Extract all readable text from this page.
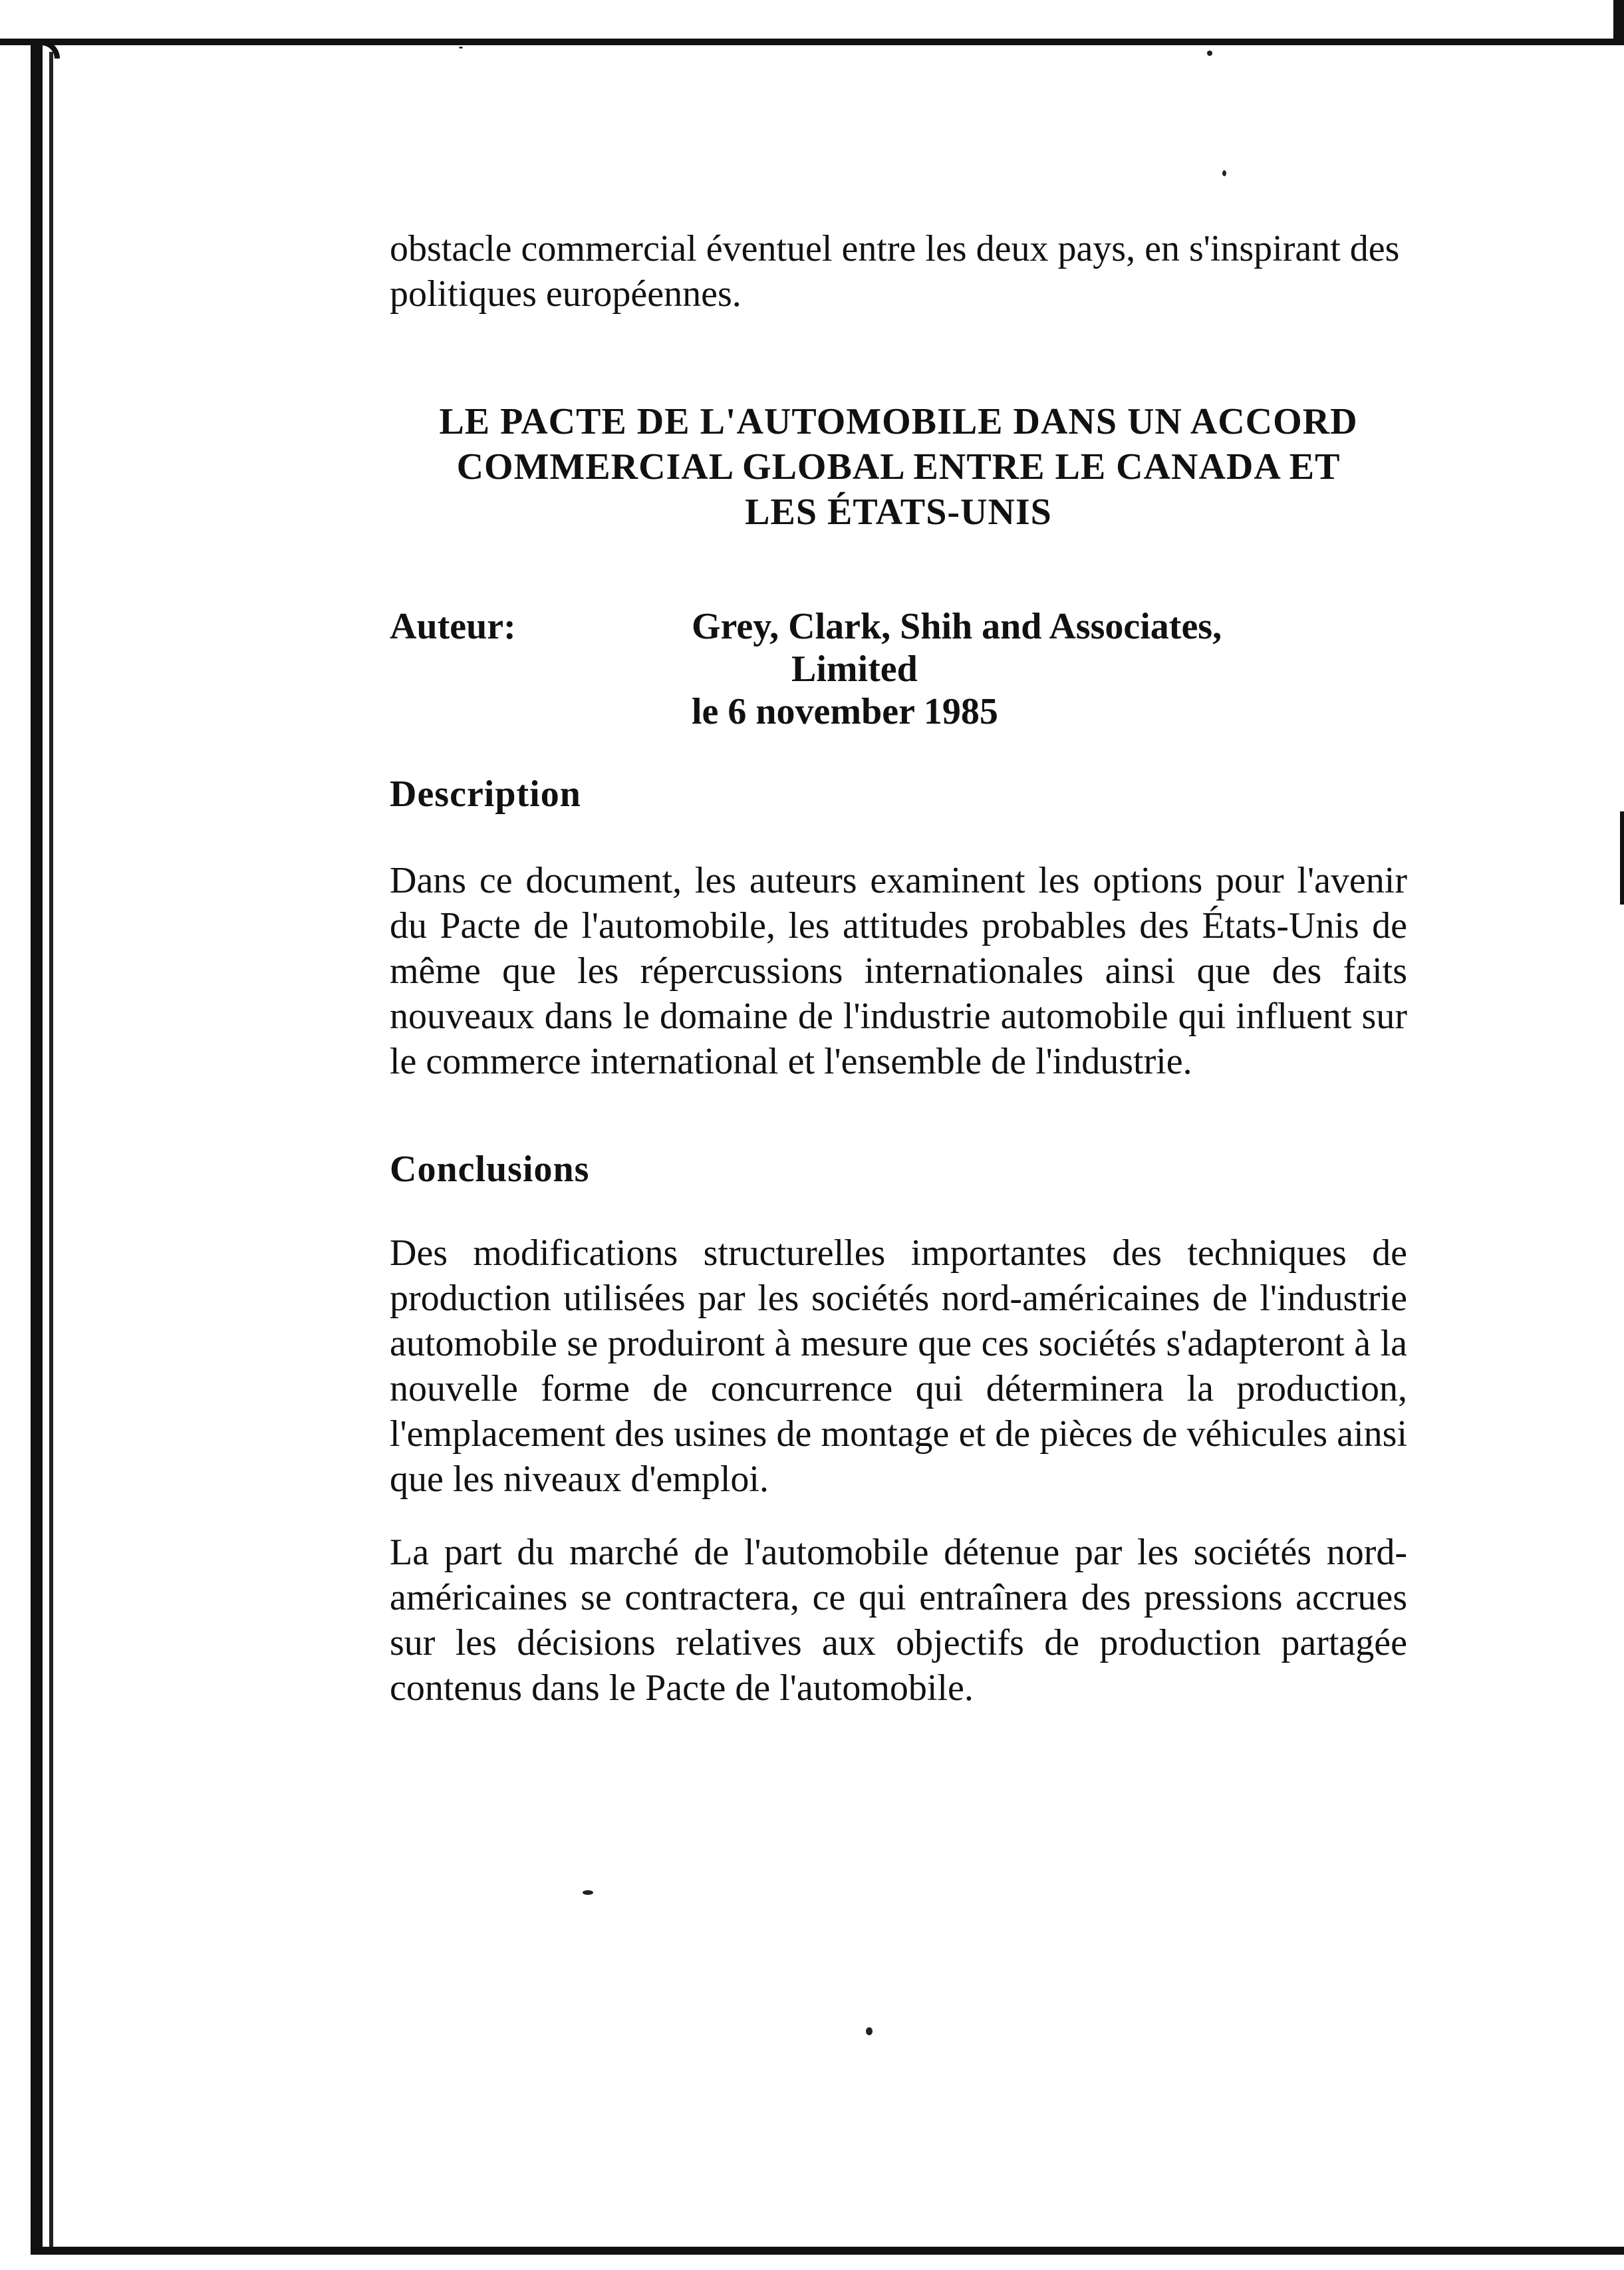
obstacle commercial éventuel entre les deux pays, en s'inspirant des politiques européennes.

LE PACTE DE L'AUTOMOBILE DANS UN ACCORD
COMMERCIAL GLOBAL ENTRE LE CANADA ET
LES ÉTATS-UNIS
Auteur:	Grey, Clark, Shih and Associates,
Limited
le 6 november 1985
Description

Dans ce document, les auteurs examinent les options pour l'avenir du Pacte de l'automobile, les attitudes probables des États-Unis de même que les répercussions internationales ainsi que des faits nouveaux dans le domaine de l'industrie automobile qui influent sur le commerce international et l'ensemble de l'industrie.

Conclusions

Des modifications structurelles importantes des techniques de production utilisées par les sociétés nord-américaines de l'industrie automobile se produiront à mesure que ces sociétés s'adapteront à la nouvelle forme de concurrence qui déterminera la production, l'emplacement des usines de montage et de pièces de véhicules ainsi que les niveaux d'emploi.

La part du marché de l'automobile détenue par les sociétés nord-américaines se contractera, ce qui entraînera des pressions accrues sur les décisions relatives aux objectifs de production partagée contenus dans le Pacte de l'automobile.
